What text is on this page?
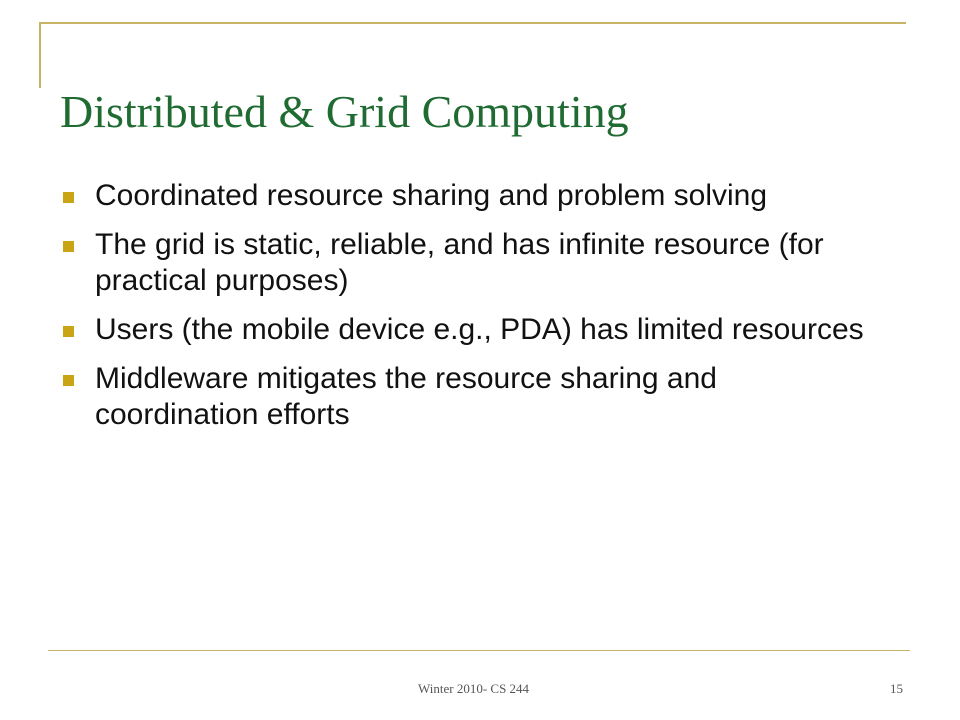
Distributed & Grid Computing
Coordinated resource sharing and problem solving
The grid is static, reliable, and has infinite resource (for practical purposes)
Users (the mobile device e.g., PDA) has limited resources
Middleware mitigates the resource sharing and coordination efforts
Winter 2010- CS 244	15
